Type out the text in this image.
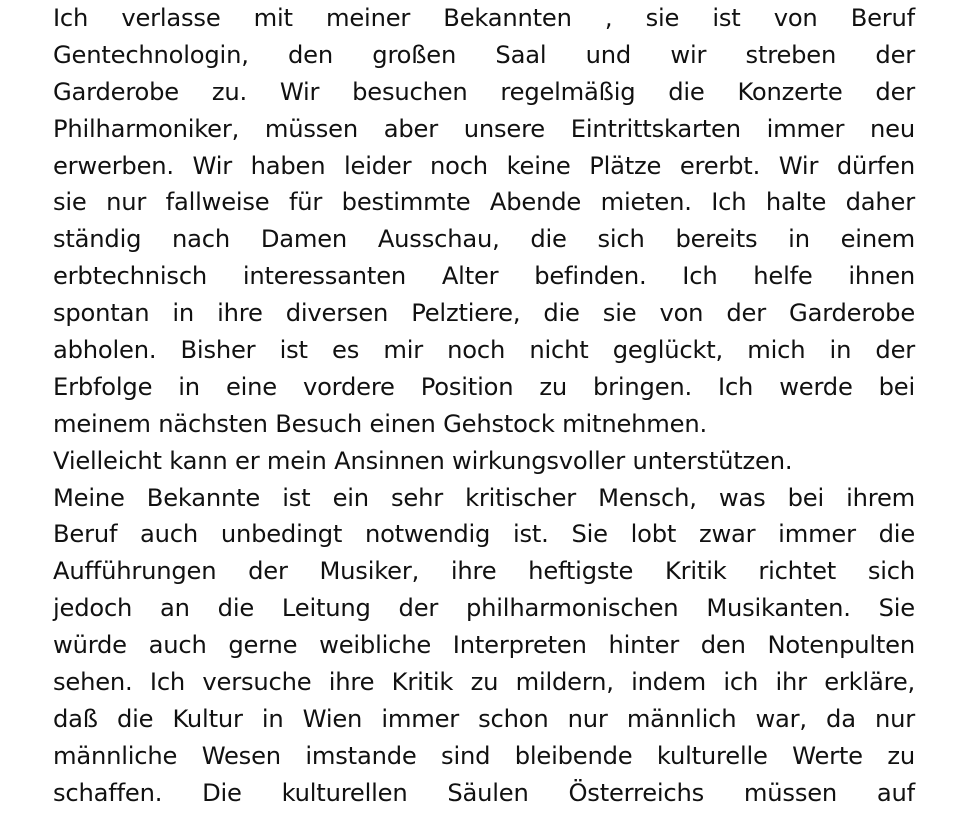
Ich verlasse mit meiner Bekannten , sie ist von Beruf
Gentechnologin, den großen Saal und wir streben der
Garderobe zu. Wir besuchen regelmäßig die Konzerte der
Philharmoniker, müssen aber unsere Eintrittskarten immer neu
erwerben. Wir haben leider noch keine Plätze ererbt. Wir dürfen
sie nur fallweise für bestimmte Abende mieten. Ich halte daher
ständig nach Damen Ausschau, die sich bereits in einem
erbtechnisch interessanten Alter befinden. Ich helfe ihnen
spontan in ihre diversen Pelztiere, die sie von der Garderobe
abholen. Bisher ist es mir noch nicht geglückt, mich in der
Erbfolge in eine vordere Position zu bringen. Ich werde bei
meinem nächsten Besuch einen Gehstock mitnehmen.
Vielleicht kann er mein Ansinnen wirkungsvoller unterstützen.
Meine Bekannte ist ein sehr kritischer Mensch, was bei ihrem
Beruf auch unbedingt notwendig ist. Sie lobt zwar immer die
Aufführungen der Musiker, ihre heftigste Kritik richtet sich
jedoch an die Leitung der philharmonischen Musikanten. Sie
würde auch gerne weibliche Interpreten hinter den Notenpulten
sehen. Ich versuche ihre Kritik zu mildern, indem ich ihr erkläre,
daß die Kultur in Wien immer schon nur männlich war, da nur
männliche Wesen imstande sind bleibende kulturelle Werte zu
schaffen. Die kulturellen Säulen Österreichs müssen auf
